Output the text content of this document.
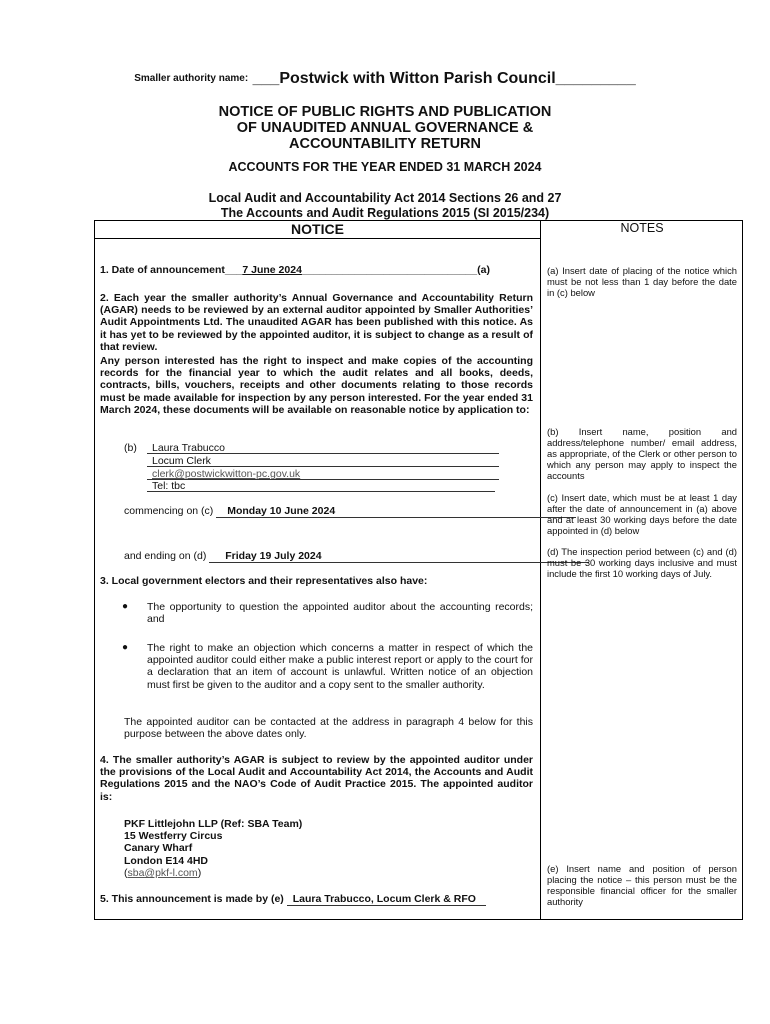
Smaller authority name: ___Postwick with Witton Parish Council_________
NOTICE OF PUBLIC RIGHTS AND PUBLICATION
OF UNAUDITED ANNUAL GOVERNANCE &
ACCOUNTABILITY RETURN
ACCOUNTS FOR THE YEAR ENDED 31 MARCH 2024
Local Audit and Accountability Act 2014 Sections 26 and 27
The Accounts and Audit Regulations 2015 (SI 2015/234)
NOTICE	NOTES
1. Date of announcement___7 June 2024______________________________(a)
2. Each year the smaller authority’s Annual Governance and Accountability Return (AGAR) needs to be reviewed by an external auditor appointed by Smaller Authorities’ Audit Appointments Ltd. The unaudited AGAR has been published with this notice. As it has yet to be reviewed by the appointed auditor, it is subject to change as a result of that review.
Any person interested has the right to inspect and make copies of the accounting records for the financial year to which the audit relates and all books, deeds, contracts, bills, vouchers, receipts and other documents relating to those records must be made available for inspection by any person interested. For the year ended 31 March 2024, these documents will be available on reasonable notice by application to:
(b) Laura Trabucco
Locum Clerk
clerk@postwickwitton-pc.gov.uk
Tel: tbc
commencing on (c) Monday 10 June 2024
and ending on (d) Friday 19 July 2024
3. Local government electors and their representatives also have:
● The opportunity to question the appointed auditor about the accounting records; and
● The right to make an objection which concerns a matter in respect of which the appointed auditor could either make a public interest report or apply to the court for a declaration that an item of account is unlawful. Written notice of an objection must first be given to the auditor and a copy sent to the smaller authority.
The appointed auditor can be contacted at the address in paragraph 4 below for this purpose between the above dates only.
4. The smaller authority’s AGAR is subject to review by the appointed auditor under the provisions of the Local Audit and Accountability Act 2014, the Accounts and Audit Regulations 2015 and the NAO’s Code of Audit Practice 2015. The appointed auditor is:
PKF Littlejohn LLP (Ref: SBA Team)
15 Westferry Circus
Canary Wharf
London E14 4HD
(sba@pkf-l.com)
5. This announcement is made by (e) Laura Trabucco, Locum Clerk & RFO
(a) Insert date of placing of the notice which must be not less than 1 day before the date in (c) below
(b) Insert name, position and address/telephone number/ email address, as appropriate, of the Clerk or other person to which any person may apply to inspect the accounts
(c) Insert date, which must be at least 1 day after the date of announcement in (a) above and at least 30 working days before the date appointed in (d) below
(d) The inspection period between (c) and (d) must be 30 working days inclusive and must include the first 10 working days of July.
(e) Insert name and position of person placing the notice – this person must be the responsible financial officer for the smaller authority
